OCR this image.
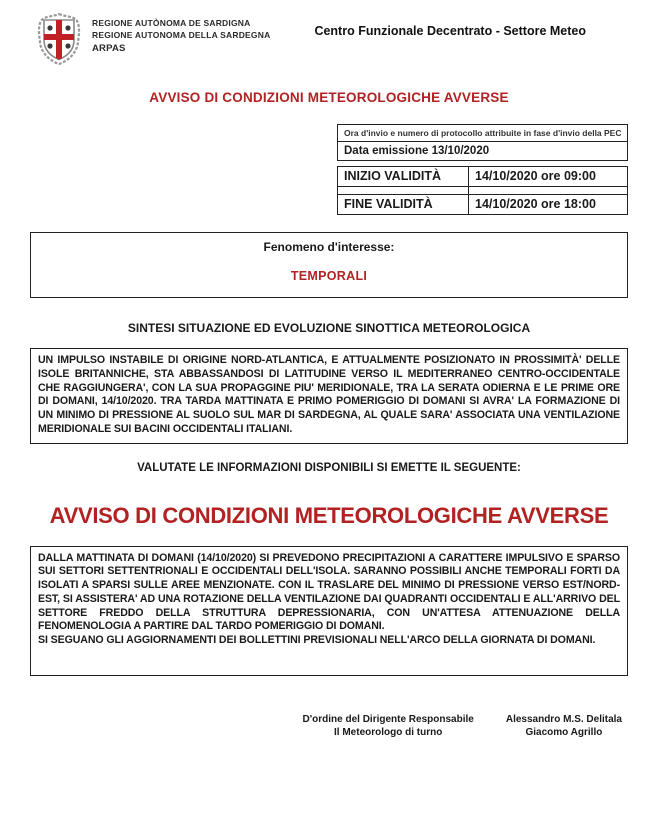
REGIONE AUTÒNOMA DE SARDIGNA
REGIONE AUTONOMA DELLA SARDEGNA
ARPAS
Centro Funzionale Decentrato - Settore Meteo
AVVISO DI CONDIZIONI METEOROLOGICHE AVVERSE
Ora d'invio e numero di protocollo attribuite in fase d'invio della PEC
Data emissione 13/10/2020
INIZIO VALIDITÀ	14/10/2020 ore 09:00

FINE VALIDITÀ	14/10/2020 ore 18:00
Fenomeno d'interesse:
TEMPORALI
SINTESI SITUAZIONE ED EVOLUZIONE SINOTTICA METEOROLOGICA

UN IMPULSO INSTABILE DI ORIGINE NORD-ATLANTICA, E ATTUALMENTE POSIZIONATO IN PROSSIMITÀ' DELLE ISOLE BRITANNICHE, STA ABBASSANDOSI DI LATITUDINE VERSO IL MEDITERRANEO CENTRO-OCCIDENTALE CHE RAGGIUNGERA', CON LA SUA PROPAGGINE PIU' MERIDIONALE, TRA LA SERATA ODIERNA E LE PRIME ORE DI DOMANI, 14/10/2020. TRA TARDA MATTINATA E PRIMO POMERIGGIO DI DOMANI SI AVRA' LA FORMAZIONE DI UN MINIMO DI PRESSIONE AL SUOLO SUL MAR DI SARDEGNA, AL QUALE SARA' ASSOCIATA UNA VENTILAZIONE MERIDIONALE SUI BACINI OCCIDENTALI ITALIANI.

VALUTATE LE INFORMAZIONI DISPONIBILI SI EMETTE IL SEGUENTE:
AVVISO DI CONDIZIONI METEOROLOGICHE AVVERSE

DALLA MATTINATA DI DOMANI (14/10/2020) SI PREVEDONO PRECIPITAZIONI A CARATTERE IMPULSIVO E SPARSO SUI SETTORI SETTENTRIONALI E OCCIDENTALI DELL'ISOLA. SARANNO POSSIBILI ANCHE TEMPORALI FORTI DA ISOLATI A SPARSI SULLE AREE MENZIONATE. CON IL TRASLARE DEL MINIMO DI PRESSIONE VERSO EST/NORD-EST, SI ASSISTERA' AD UNA ROTAZIONE DELLA VENTILAZIONE DAI QUADRANTI OCCIDENTALI E ALL'ARRIVO DEL SETTORE FREDDO DELLA STRUTTURA DEPRESSIONARIA, CON UN'ATTESA ATTENUAZIONE DELLA FENOMENOLOGIA A PARTIRE DAL TARDO POMERIGGIO DI DOMANI.

SI SEGUANO GLI AGGIORNAMENTI DEI BOLLETTINI PREVISIONALI NELL'ARCO DELLA GIORNATA DI DOMANI.

D'ordine del Dirigente Responsabile
Il Meteorologo di turno
Alessandro M.S. Delitala
Giacomo Agrillo
